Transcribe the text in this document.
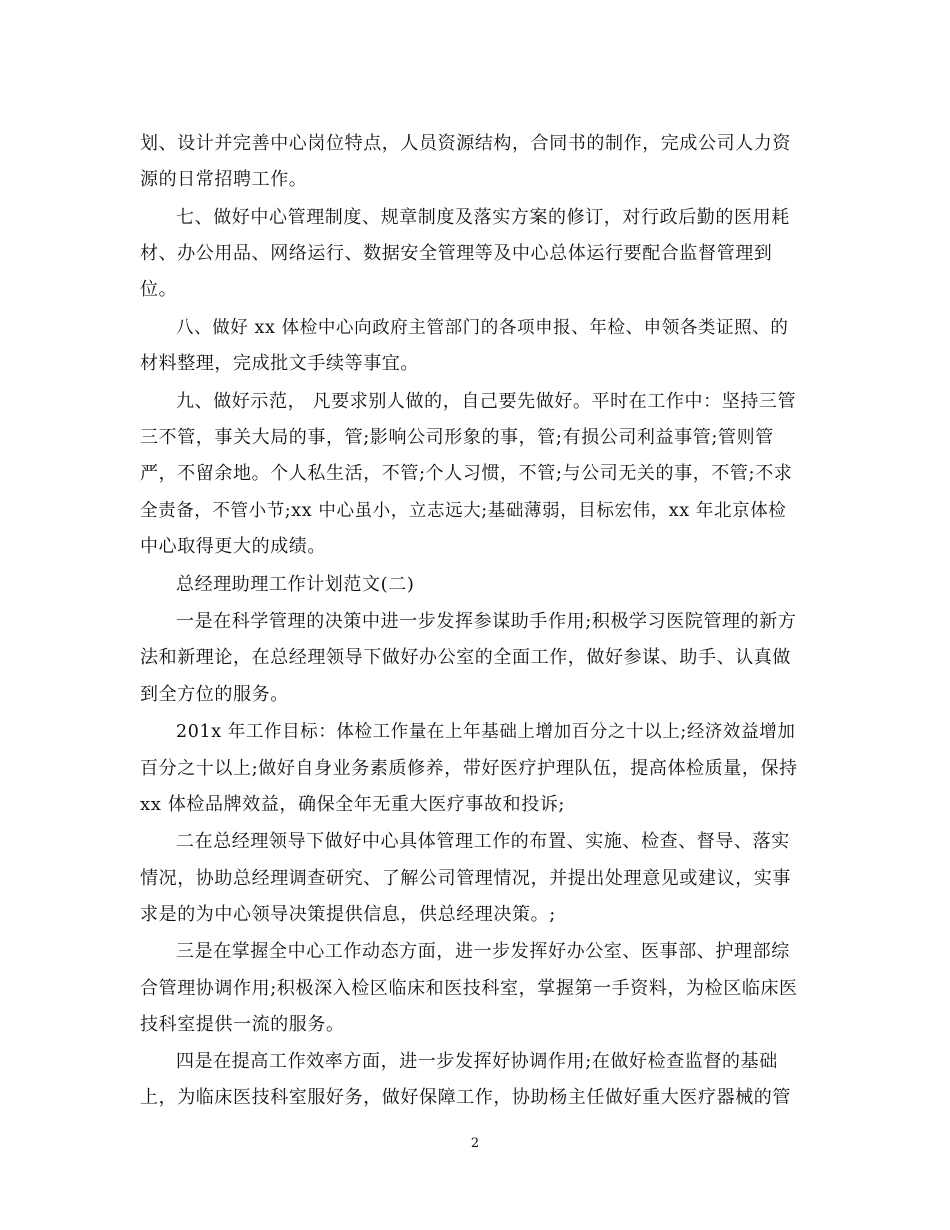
划、设计并完善中心岗位特点，人员资源结构，合同书的制作，完成公司人力资
源的日常招聘工作。
七、做好中心管理制度、规章制度及落实方案的修订，对行政后勤的医用耗
材、办公用品、网络运行、数据安全管理等及中心总体运行要配合监督管理到
位。
八、做好 xx 体检中心向政府主管部门的各项申报、年检、申领各类证照、的
材料整理，完成批文手续等事宜。
九、做好示范， 凡要求别人做的，自己要先做好。平时在工作中：坚持三管
三不管，事关大局的事，管;影响公司形象的事，管;有损公司利益事管;管则管
严，不留余地。个人私生活，不管;个人习惯，不管;与公司无关的事，不管;不求
全责备，不管小节;xx 中心虽小，立志远大;基础薄弱，目标宏伟，xx 年北京体检
中心取得更大的成绩。
总经理助理工作计划范文(二)
一是在科学管理的决策中进一步发挥参谋助手作用;积极学习医院管理的新方
法和新理论，在总经理领导下做好办公室的全面工作，做好参谋、助手、认真做
到全方位的服务。
201x 年工作目标：体检工作量在上年基础上增加百分之十以上;经济效益增加
百分之十以上;做好自身业务素质修养，带好医疗护理队伍，提高体检质量，保持
xx 体检品牌效益，确保全年无重大医疗事故和投诉;
二在总经理领导下做好中心具体管理工作的布置、实施、检查、督导、落实
情况，协助总经理调查研究、了解公司管理情况，并提出处理意见或建议，实事
求是的为中心领导决策提供信息，供总经理决策。;
三是在掌握全中心工作动态方面，进一步发挥好办公室、医事部、护理部综
合管理协调作用;积极深入检区临床和医技科室，掌握第一手资料，为检区临床医
技科室提供一流的服务。
四是在提高工作效率方面，进一步发挥好协调作用;在做好检查监督的基础
上，为临床医技科室服好务，做好保障工作，协助杨主任做好重大医疗器械的管
2
